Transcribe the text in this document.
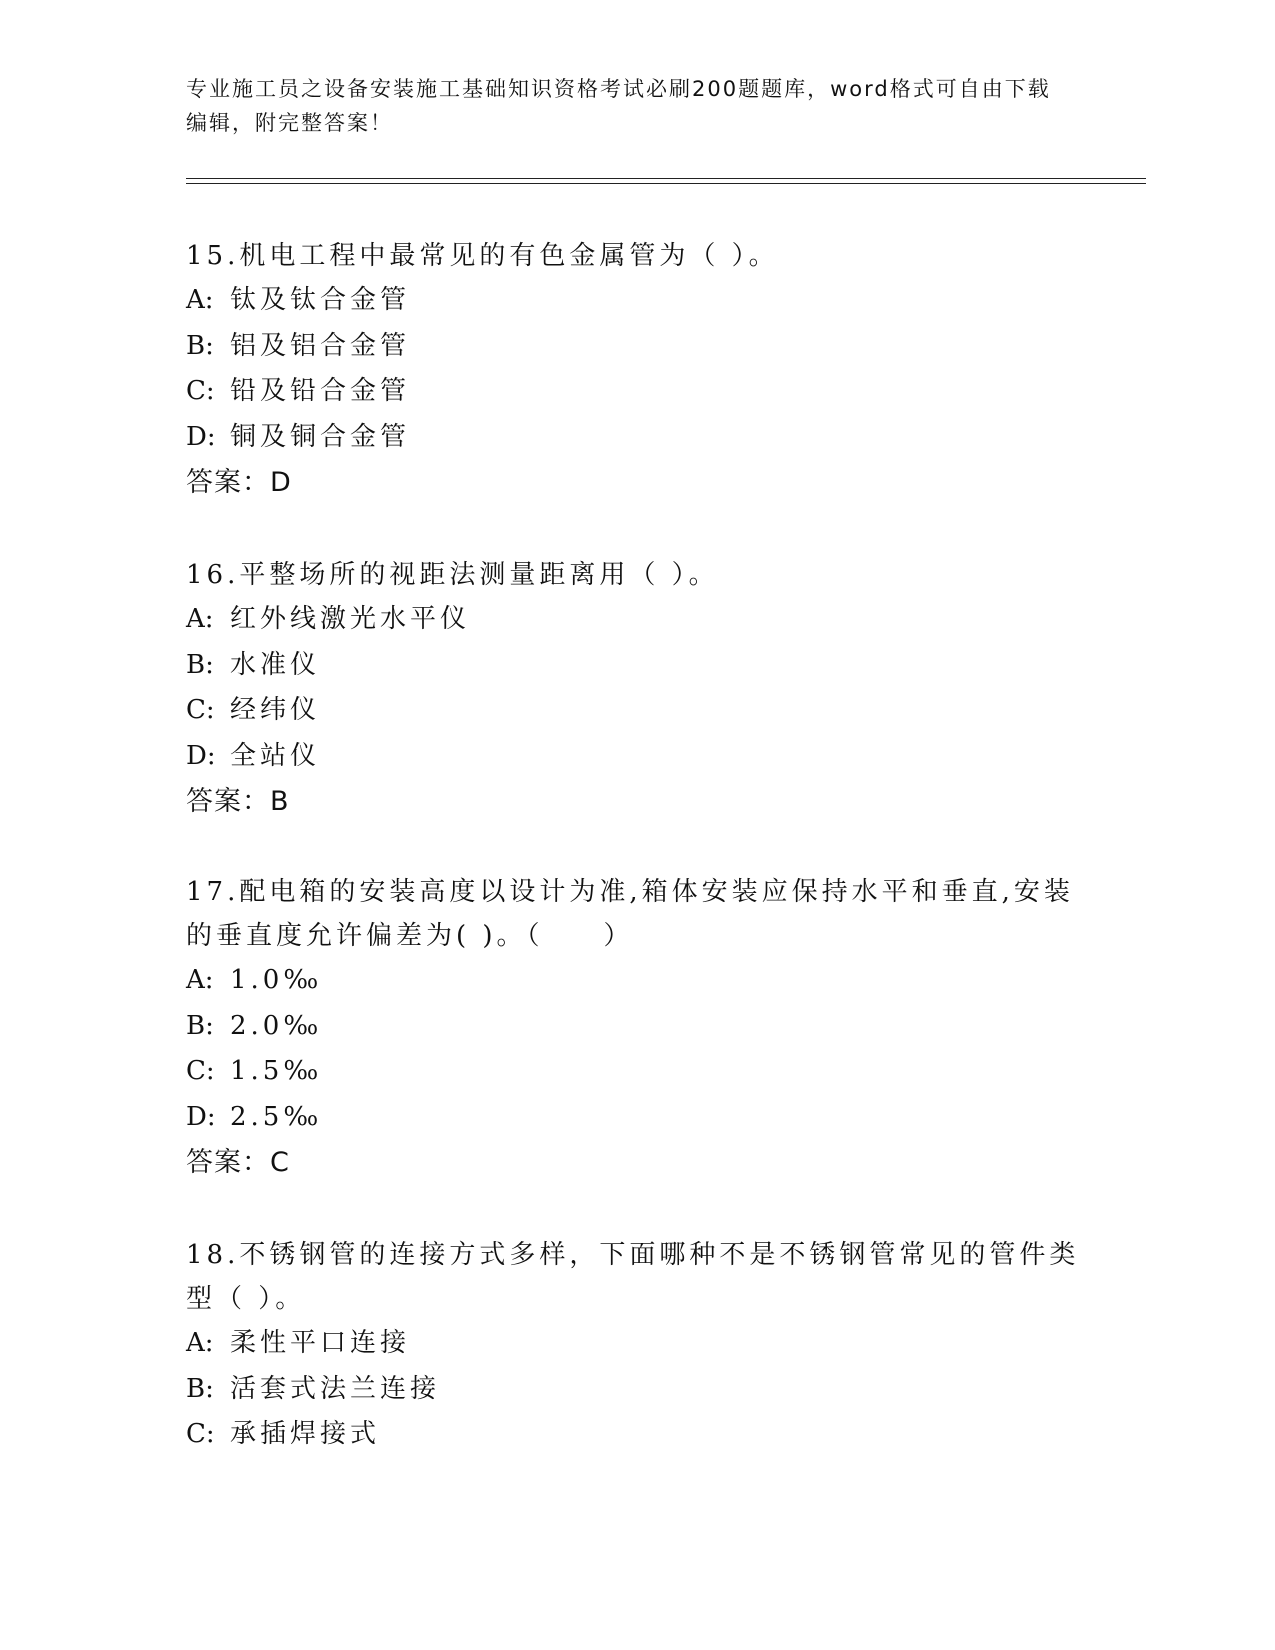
专业施工员之设备安装施工基础知识资格考试必刷200题题库，word格式可自由下载编辑，附完整答案！

15.机电工程中最常见的有色金属管为（ ）。

A: 钛及钛合金管

B: 铝及铝合金管

C: 铅及铅合金管

D: 铜及铜合金管

答案：D

16.平整场所的视距法测量距离用（ ）。

A: 红外线激光水平仪

B: 水准仪

C: 经纬仪

D: 全站仪

答案：B

17.配电箱的安装高度以设计为准,箱体安装应保持水平和垂直,安装的垂直度允许偏差为( )。（　　）

A: 1.0‰

B: 2.0‰

C: 1.5‰

D: 2.5‰

答案：C

18.不锈钢管的连接方式多样，下面哪种不是不锈钢管常见的管件类型（ ）。

A: 柔性平口连接

B: 活套式法兰连接

C: 承插焊接式
